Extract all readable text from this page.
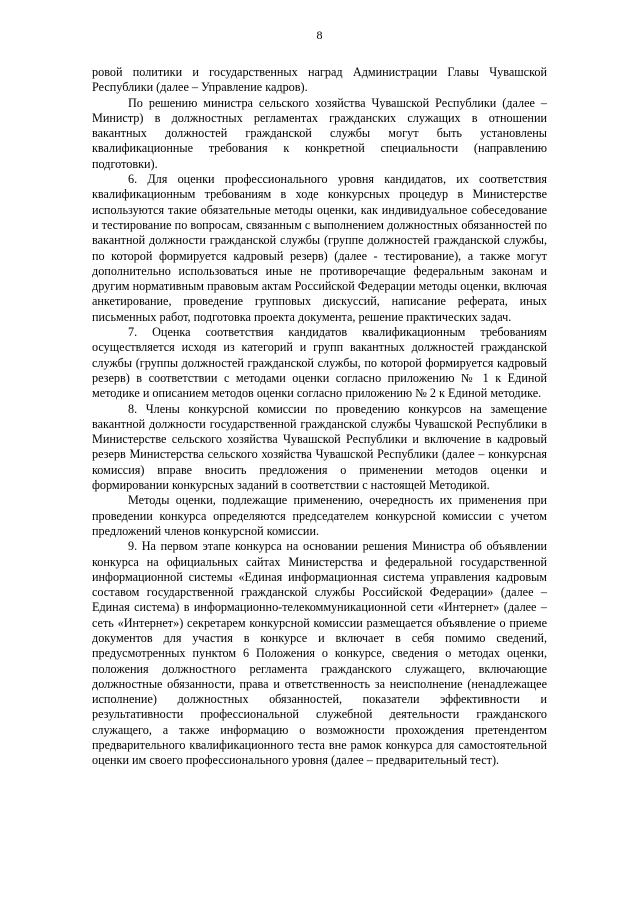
8

ровой политики и государственных наград Администрации Главы Чувашской Республики (далее – Управление кадров).

По решению министра сельского хозяйства Чувашской Республики (далее – Министр) в должностных регламентах гражданских служащих в отношении вакантных должностей гражданской службы могут быть установлены квалификационные требования к конкретной специальности (направлению подготовки).

6. Для оценки профессионального уровня кандидатов, их соответствия квалификационным требованиям в ходе конкурсных процедур в Министерстве используются такие обязательные методы оценки, как индивидуальное собеседование и тестирование по вопросам, связанным с выполнением должностных обязанностей по вакантной должности гражданской службы (группе должностей гражданской службы, по которой формируется кадровый резерв) (далее - тестирование), а также могут дополнительно использоваться иные не противоречащие федеральным законам и другим нормативным правовым актам Российской Федерации методы оценки, включая анкетирование, проведение групповых дискуссий, написание реферата, иных письменных работ, подготовка проекта документа, решение практических задач.

7. Оценка соответствия кандидатов квалификационным требованиям осуществляется исходя из категорий и групп вакантных должностей гражданской службы (группы должностей гражданской службы, по которой формируется кадровый резерв) в соответствии с методами оценки согласно приложению № 1 к Единой методике и описанием методов оценки согласно приложению № 2 к Единой методике.

8. Члены конкурсной комиссии по проведению конкурсов на замещение вакантной должности государственной гражданской службы Чувашской Республики в Министерстве сельского хозяйства Чувашской Республики и включение в кадровый резерв Министерства сельского хозяйства Чувашской Республики (далее – конкурсная комиссия) вправе вносить предложения о применении методов оценки и формировании конкурсных заданий в соответствии с настоящей Методикой.

Методы оценки, подлежащие применению, очередность их применения при проведении конкурса определяются председателем конкурсной комиссии с учетом предложений членов конкурсной комиссии.

9. На первом этапе конкурса на основании решения Министра об объявлении конкурса на официальных сайтах Министерства и федеральной государственной информационной системы «Единая информационная система управления кадровым составом государственной гражданской службы Российской Федерации» (далее – Единая система) в информационно-телекоммуникационной сети «Интернет» (далее – сеть «Интернет») секретарем конкурсной комиссии размещается объявление о приеме документов для участия в конкурсе и включает в себя помимо сведений, предусмотренных пунктом 6 Положения о конкурсе, сведения о методах оценки, положения должностного регламента гражданского служащего, включающие должностные обязанности, права и ответственность за неисполнение (ненадлежащее исполнение) должностных обязанностей, показатели эффективности и результативности профессиональной служебной деятельности гражданского служащего, а также информацию о возможности прохождения претендентом предварительного квалификационного теста вне рамок конкурса для самостоятельной оценки им своего профессионального уровня (далее – предварительный тест).
